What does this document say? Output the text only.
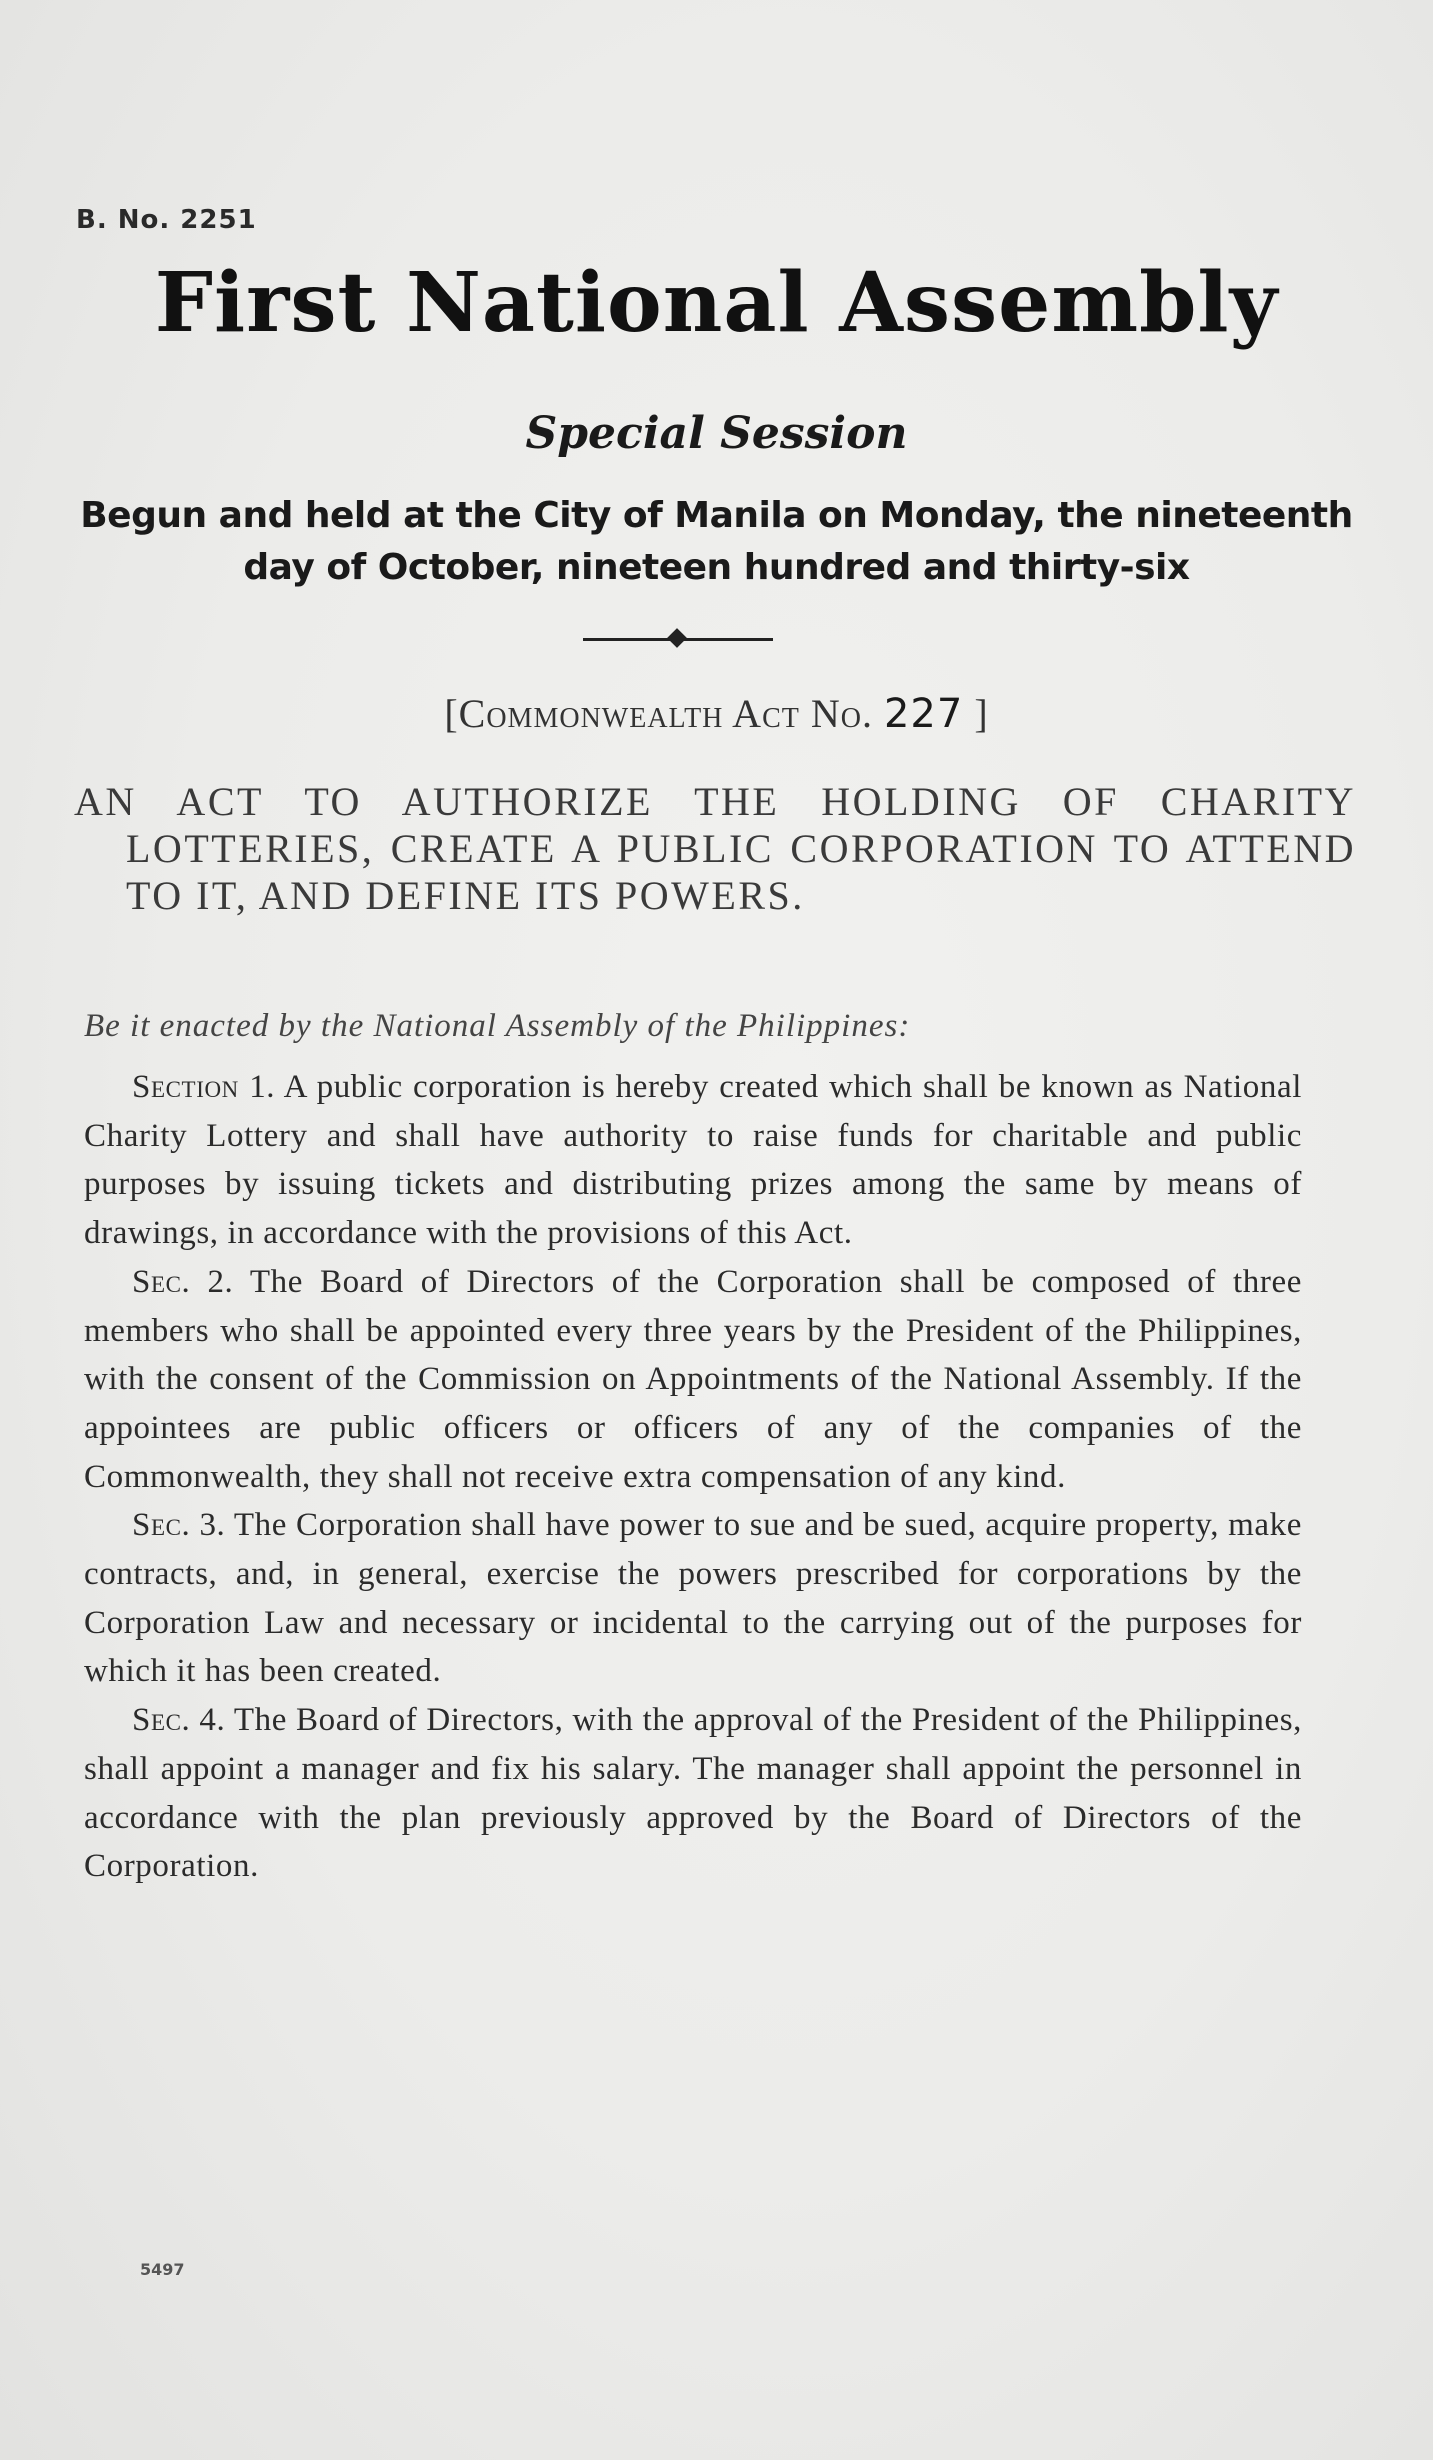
B. No. 2251
First National Assembly
Special Session
Begun and held at the City of Manila on Monday, the nineteenth day of October, nineteen hundred and thirty-six
[Commonwealth Act No. 227 ]
AN ACT TO AUTHORIZE THE HOLDING OF CHARITY LOTTERIES, CREATE A PUBLIC CORPORATION TO ATTEND TO IT, AND DEFINE ITS POWERS.
Be it enacted by the National Assembly of the Philippines:

Section 1. A public corporation is hereby created which shall be known as National Charity Lottery and shall have authority to raise funds for charitable and public purposes by issuing tickets and distributing prizes among the same by means of drawings, in accordance with the provisions of this Act.

Sec. 2. The Board of Directors of the Corporation shall be composed of three members who shall be appointed every three years by the President of the Philippines, with the consent of the Commission on Appointments of the National Assembly. If the appointees are public officers or officers of any of the companies of the Commonwealth, they shall not receive extra compensation of any kind.

Sec. 3. The Corporation shall have power to sue and be sued, acquire property, make contracts, and, in general, exercise the powers prescribed for corporations by the Corporation Law and necessary or incidental to the carrying out of the purposes for which it has been created.

Sec. 4. The Board of Directors, with the approval of the President of the Philippines, shall appoint a manager and fix his salary. The manager shall appoint the personnel in accordance with the plan previously approved by the Board of Directors of the Corporation.

5497
